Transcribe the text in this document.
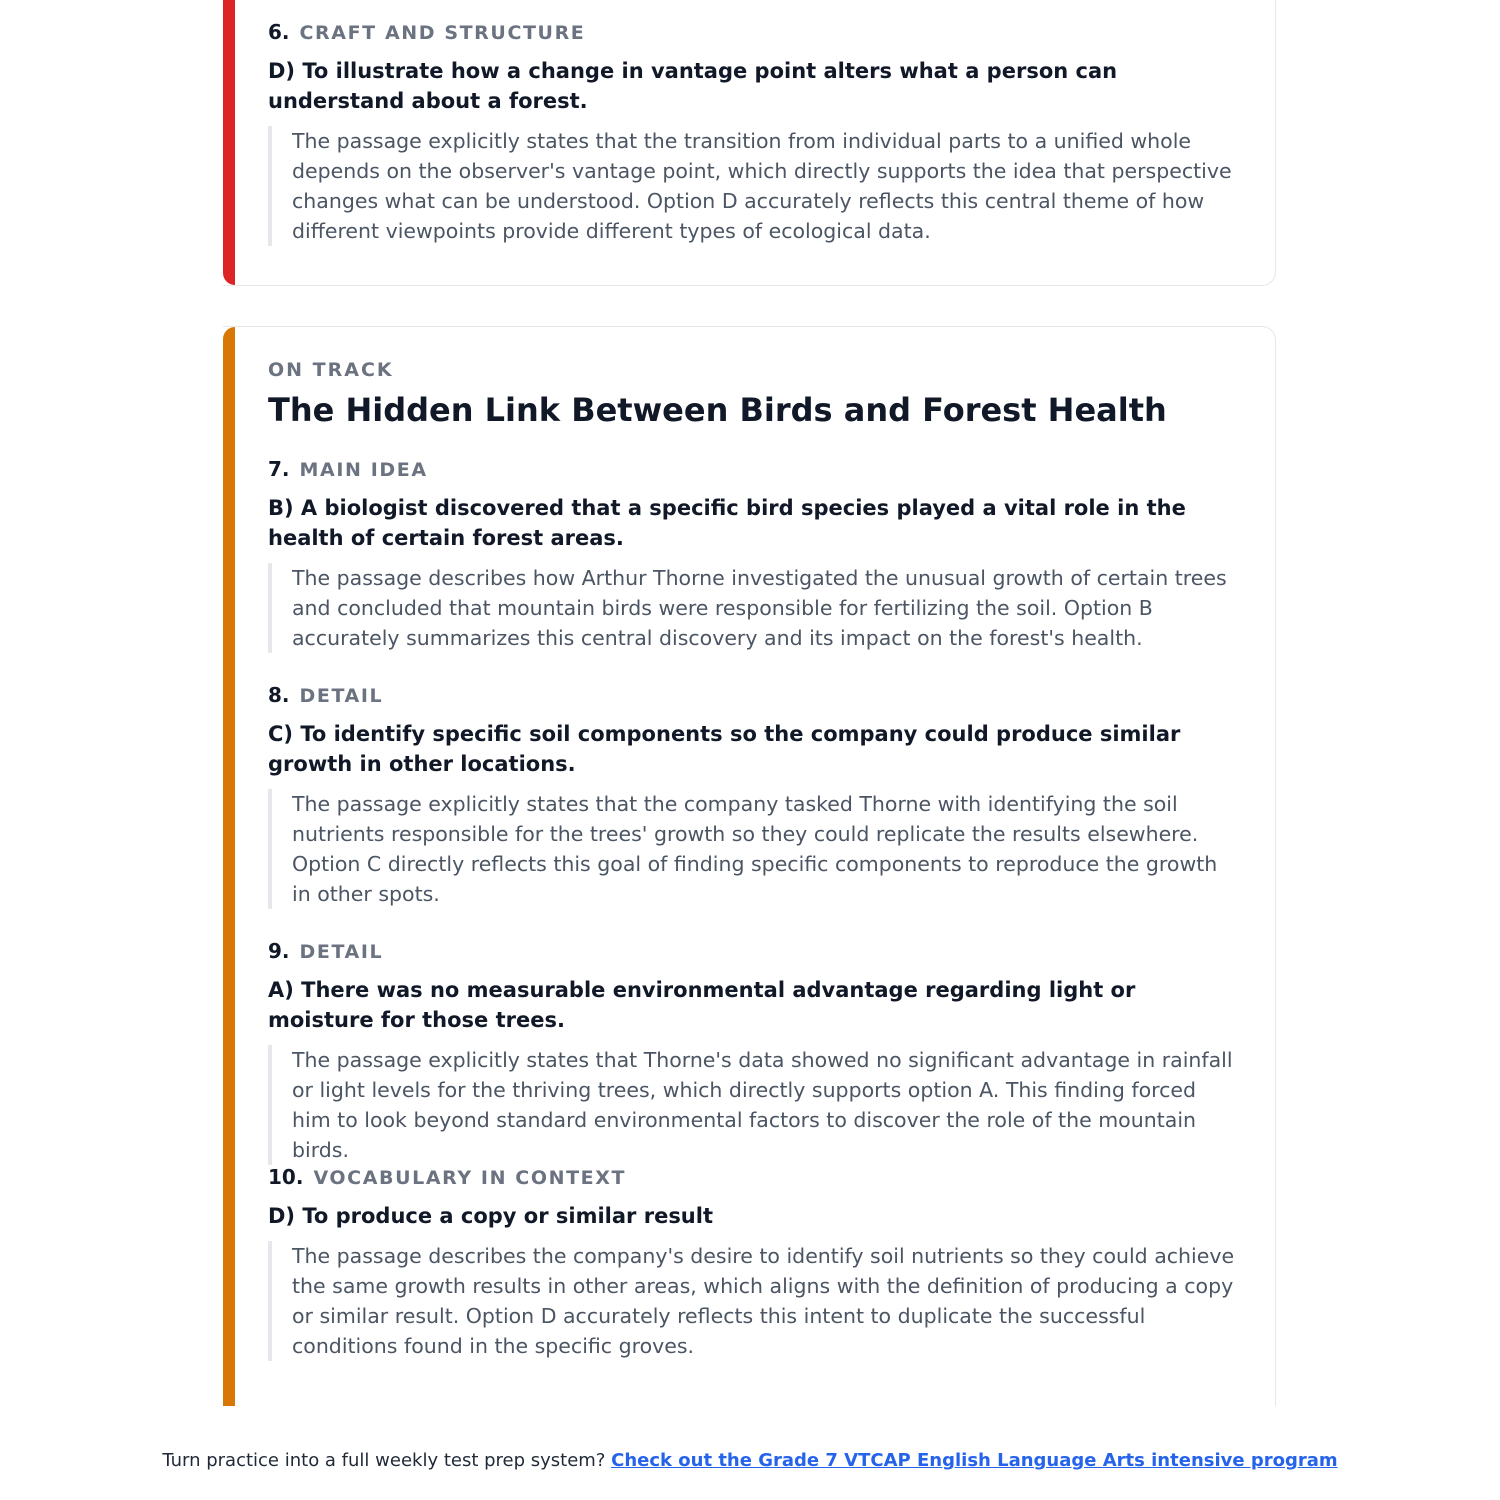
6. CRAFT AND STRUCTURE

D) To illustrate how a change in vantage point alters what a person can understand about a forest.

The passage explicitly states that the transition from individual parts to a unified whole depends on the observer's vantage point, which directly supports the idea that perspective changes what can be understood. Option D accurately reflects this central theme of how different viewpoints provide different types of ecological data.

ON TRACK

The Hidden Link Between Birds and Forest Health
7. MAIN IDEA

B) A biologist discovered that a specific bird species played a vital role in the health of certain forest areas.

The passage describes how Arthur Thorne investigated the unusual growth of certain trees and concluded that mountain birds were responsible for fertilizing the soil. Option B accurately summarizes this central discovery and its impact on the forest's health.

8. DETAIL

C) To identify specific soil components so the company could produce similar growth in other locations.

The passage explicitly states that the company tasked Thorne with identifying the soil nutrients responsible for the trees' growth so they could replicate the results elsewhere. Option C directly reflects this goal of finding specific components to reproduce the growth in other spots.

9. DETAIL

A) There was no measurable environmental advantage regarding light or moisture for those trees.

The passage explicitly states that Thorne's data showed no significant advantage in rainfall or light levels for the thriving trees, which directly supports option A. This finding forced him to look beyond standard environmental factors to discover the role of the mountain birds.

10. VOCABULARY IN CONTEXT

D) To produce a copy or similar result

The passage describes the company's desire to identify soil nutrients so they could achieve the same growth results in other areas, which aligns with the definition of producing a copy or similar result. Option D accurately reflects this intent to duplicate the successful conditions found in the specific groves.

Turn practice into a full weekly test prep system? Check out the Grade 7 VTCAP English Language Arts intensive program
